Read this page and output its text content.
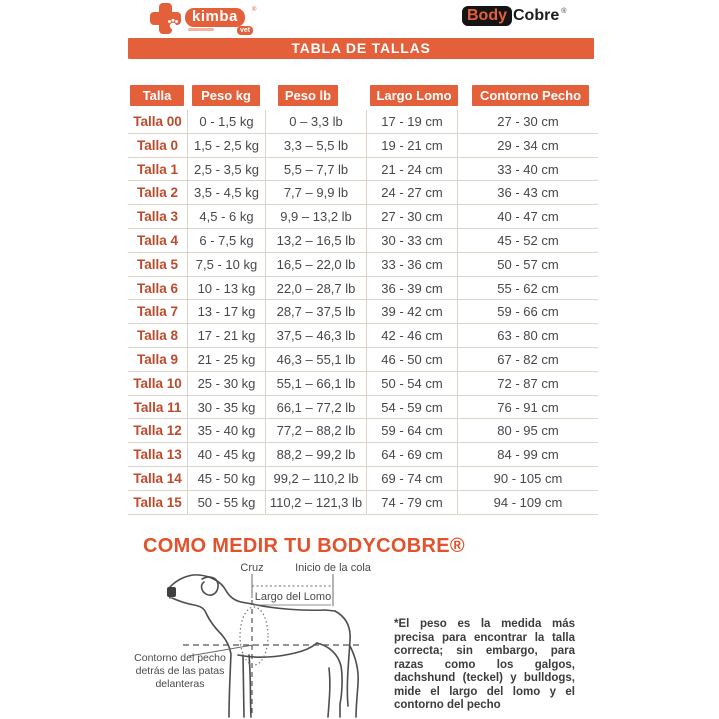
kimba	®
vet
Body Cobre ®
TABLA DE TALLAS
Talla	Peso kg	Peso lb	Largo Lomo	Contorno Pecho
Talla 00	0 - 1,5 kg	0 – 3,3 lb	17 - 19 cm	27 - 30 cm
Talla 0	1,5 - 2,5 kg	3,3 – 5,5 lb	19 - 21 cm	29 - 34 cm
Talla 1	2,5 - 3,5 kg	5,5 – 7,7 lb	21 - 24 cm	33 - 40 cm
Talla 2	3,5 - 4,5 kg	7,7 – 9,9 lb	24 - 27 cm	36 - 43 cm
Talla 3	4,5 - 6 kg	9,9 – 13,2 lb	27 - 30 cm	40 - 47 cm
Talla 4	6 - 7,5 kg	13,2 – 16,5 lb	30 - 33 cm	45 - 52 cm
Talla 5	7,5 - 10 kg	16,5 – 22,0 lb	33 - 36 cm	50 - 57 cm
Talla 6	10 - 13 kg	22,0 – 28,7 lb	36 - 39 cm	55 - 62 cm
Talla 7	13 - 17 kg	28,7 – 37,5 lb	39 - 42 cm	59 - 66 cm
Talla 8	17 - 21 kg	37,5 – 46,3 lb	42 - 46 cm	63 - 80 cm
Talla 9	21 - 25 kg	46,3 – 55,1 lb	46 - 50 cm	67 - 82 cm
Talla 10	25 - 30 kg	55,1 – 66,1 lb	50 - 54 cm	72 - 87 cm
Talla 11	30 - 35 kg	66,1 – 77,2 lb	54 - 59 cm	76 - 91 cm
Talla 12	35 - 40 kg	77,2 – 88,2 lb	59 - 64 cm	80 - 95 cm
Talla 13	40 - 45 kg	88,2 – 99,2 lb	64 - 69 cm	84 - 99 cm
Talla 14	45 - 50 kg	99,2 – 110,2 lb	69 - 74 cm	90 - 105 cm
Talla 15	50 - 55 kg	110,2 – 121,3 lb	74 - 79 cm	94 - 109 cm
COMO MEDIR TU BODYCOBRE®
Cruz	Inicio de la cola
Largo del Lomo
Contorno del pecho detrás de las patas delanteras
*El peso es la medida más precisa para encontrar la talla correcta; sin embargo, para razas como los galgos, dachshund (teckel) y bulldogs, mide el largo del lomo y el contorno del pecho
